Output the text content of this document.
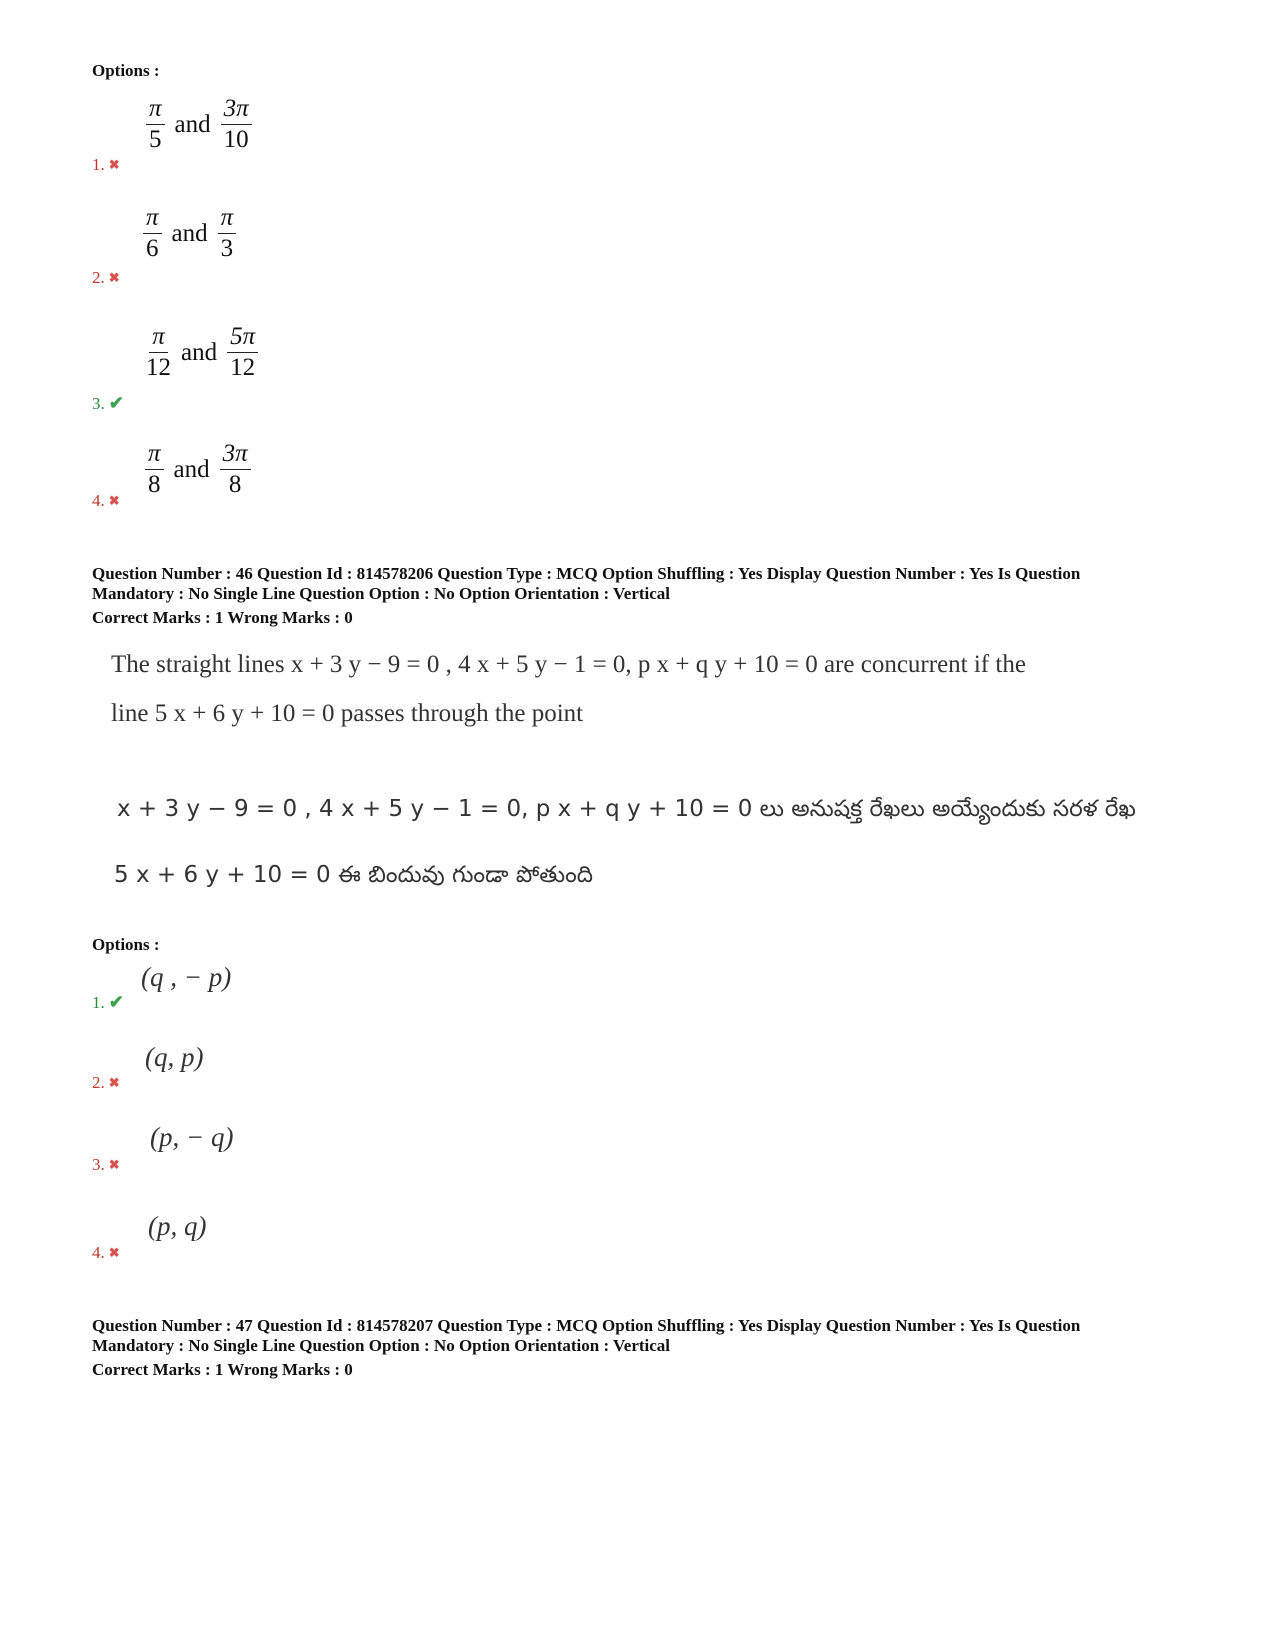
Options :
$\frac{\pi}{5}$ and $\frac{3\pi}{10}$
1. ✖
$\frac{\pi}{6}$ and $\frac{\pi}{3}$
2. ✖
$\frac{\pi}{12}$ and $\frac{5\pi}{12}$
3. ✔
$\frac{\pi}{8}$ and $\frac{3\pi}{8}$
4. ✖
Question Number : 46 Question Id : 814578206 Question Type : MCQ Option Shuffling : Yes Display Question Number : Yes Is Question
Mandatory : No Single Line Question Option : No Option Orientation : Vertical
Correct Marks : 1 Wrong Marks : 0
The straight lines x + 3 y − 9 = 0 , 4 x + 5 y − 1 = 0, p x + q y + 10 = 0 are concurrent if the
line 5 x + 6 y + 10 = 0 passes through the point
x + 3 y − 9 = 0 , 4 x + 5 y − 1 = 0, p x + q y + 10 = 0 లు అనుషక్త రేఖలు అయ్యేందుకు సరళ రేఖ
5 x + 6 y + 10 = 0 ఈ బిందువు గుండా పోతుంది
Options :
(q , − p)
1. ✔
(q, p)
2. ✖
(p, − q)
3. ✖
(p, q)
4. ✖
Question Number : 47 Question Id : 814578207 Question Type : MCQ Option Shuffling : Yes Display Question Number : Yes Is Question
Mandatory : No Single Line Question Option : No Option Orientation : Vertical
Correct Marks : 1 Wrong Marks : 0
